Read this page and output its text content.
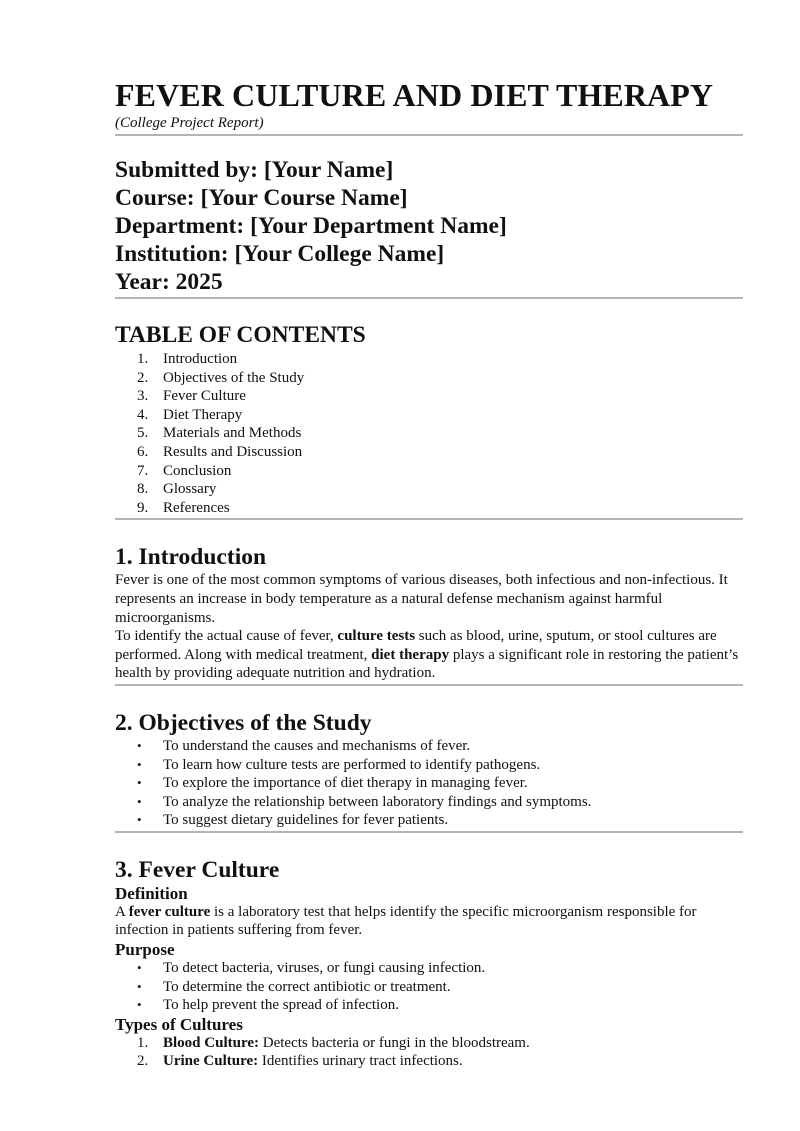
FEVER CULTURE AND DIET THERAPY
(College Project Report)
Submitted by: [Your Name]
Course: [Your Course Name]
Department: [Your Department Name]
Institution: [Your College Name]
Year: 2025
TABLE OF CONTENTS
1. Introduction
2. Objectives of the Study
3. Fever Culture
4. Diet Therapy
5. Materials and Methods
6. Results and Discussion
7. Conclusion
8. Glossary
9. References
1. Introduction

Fever is one of the most common symptoms of various diseases, both infectious and non-infectious. It represents an increase in body temperature as a natural defense mechanism against harmful microorganisms.

To identify the actual cause of fever, culture tests such as blood, urine, sputum, or stool cultures are performed. Along with medical treatment, diet therapy plays a significant role in restoring the patient’s health by providing adequate nutrition and hydration.

2. Objectives of the Study
•	To understand the causes and mechanisms of fever.
•	To learn how culture tests are performed to identify pathogens.
•	To explore the importance of diet therapy in managing fever.
•	To analyze the relationship between laboratory findings and symptoms.
•	To suggest dietary guidelines for fever patients.
3. Fever Culture
Definition

A fever culture is a laboratory test that helps identify the specific microorganism responsible for infection in patients suffering from fever.

Purpose
•	To detect bacteria, viruses, or fungi causing infection.
•	To determine the correct antibiotic or treatment.
•	To help prevent the spread of infection.
Types of Cultures
1. Blood Culture: Detects bacteria or fungi in the bloodstream.
2. Urine Culture: Identifies urinary tract infections.
